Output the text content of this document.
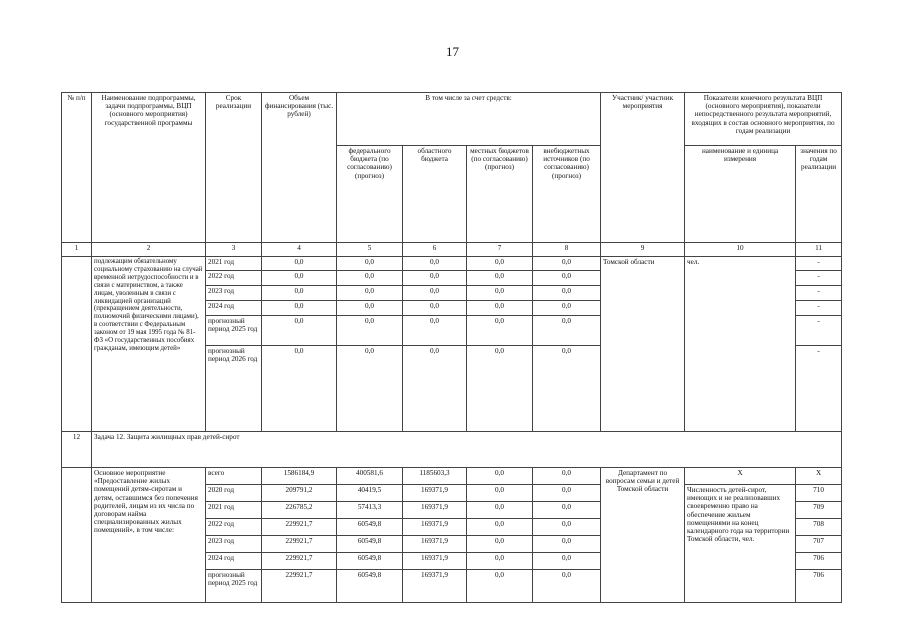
17
№ п/п	Наименование подпрограммы, задачи подпрограммы, ВЦП (основного мероприятия) государственной программы	Срок реализации	Объем финансирования (тыс. рублей)	В том числе за счет средств:				Участник/ участник мероприятия	Показатели конечного результата ВЦП (основного мероприятия), показатели непосредственного результата мероприятий, входящих в состав основного мероприятия, по годам реализации	
				федерального бюджета (по согласованию) (прогноз)	областного бюджета	местных бюджетов (по согласованию) (прогноз)	внебюджетных источников (по согласованию) (прогноз)		наименование и единица измерения	значения по годам реализации
1	2	3	4	5	6	7	8	9	10	11
	подлежащим обязательному социальному страхованию на случай временной нетрудоспособности и в связи с материнством, а также лицам, уволенным в связи с ликвидацией организаций (прекращением деятельности, полномочий физическими лицами), в соответствии с Федеральным законом от 19 мая 1995 года № 81-ФЗ «О государственных пособиях гражданам, имеющим детей»	2021 год	0,0	0,0	0,0	0,0	0,0	Томской области	чел.	-
		2022 год	0,0	0,0	0,0	0,0	0,0			-
		2023 год	0,0	0,0	0,0	0,0	0,0			-
		2024 год	0,0	0,0	0,0	0,0	0,0			-
		прогнозный период 2025 год	0,0	0,0	0,0	0,0	0,0			-
		прогнозный период 2026 год	0,0	0,0	0,0	0,0	0,0			-
12	Задача 12. Защита жилищных прав детей-сирот									
	Основное мероприятие «Предоставление жилых помещений детям-сиротам и детям, оставшимся без попечения родителей, лицам из их числа по договорам найма специализированных жилых помещений», в том числе:	всего	1586184,9	400581,6	1185603,3	0,0	0,0	Департамент по вопросам семьи и детей Томской области	X	X
		2020 год	209791,2	40419,5	169371,9	0,0	0,0		Численность детей-сирот, имеющих и не реализовавших своевременно право на обеспечение жильем помещениями на конец календарного года на территории Томской области, чел.	710
		2021 год	226785,2	57413,3	169371,9	0,0	0,0			709
		2022 год	229921,7	60549,8	169371,9	0,0	0,0			708
		2023 год	229921,7	60549,8	169371,9	0,0	0,0			707
		2024 год	229921,7	60549,8	169371,9	0,0	0,0			706
		прогнозный период 2025 год	229921,7	60549,8	169371,9	0,0	0,0			706
